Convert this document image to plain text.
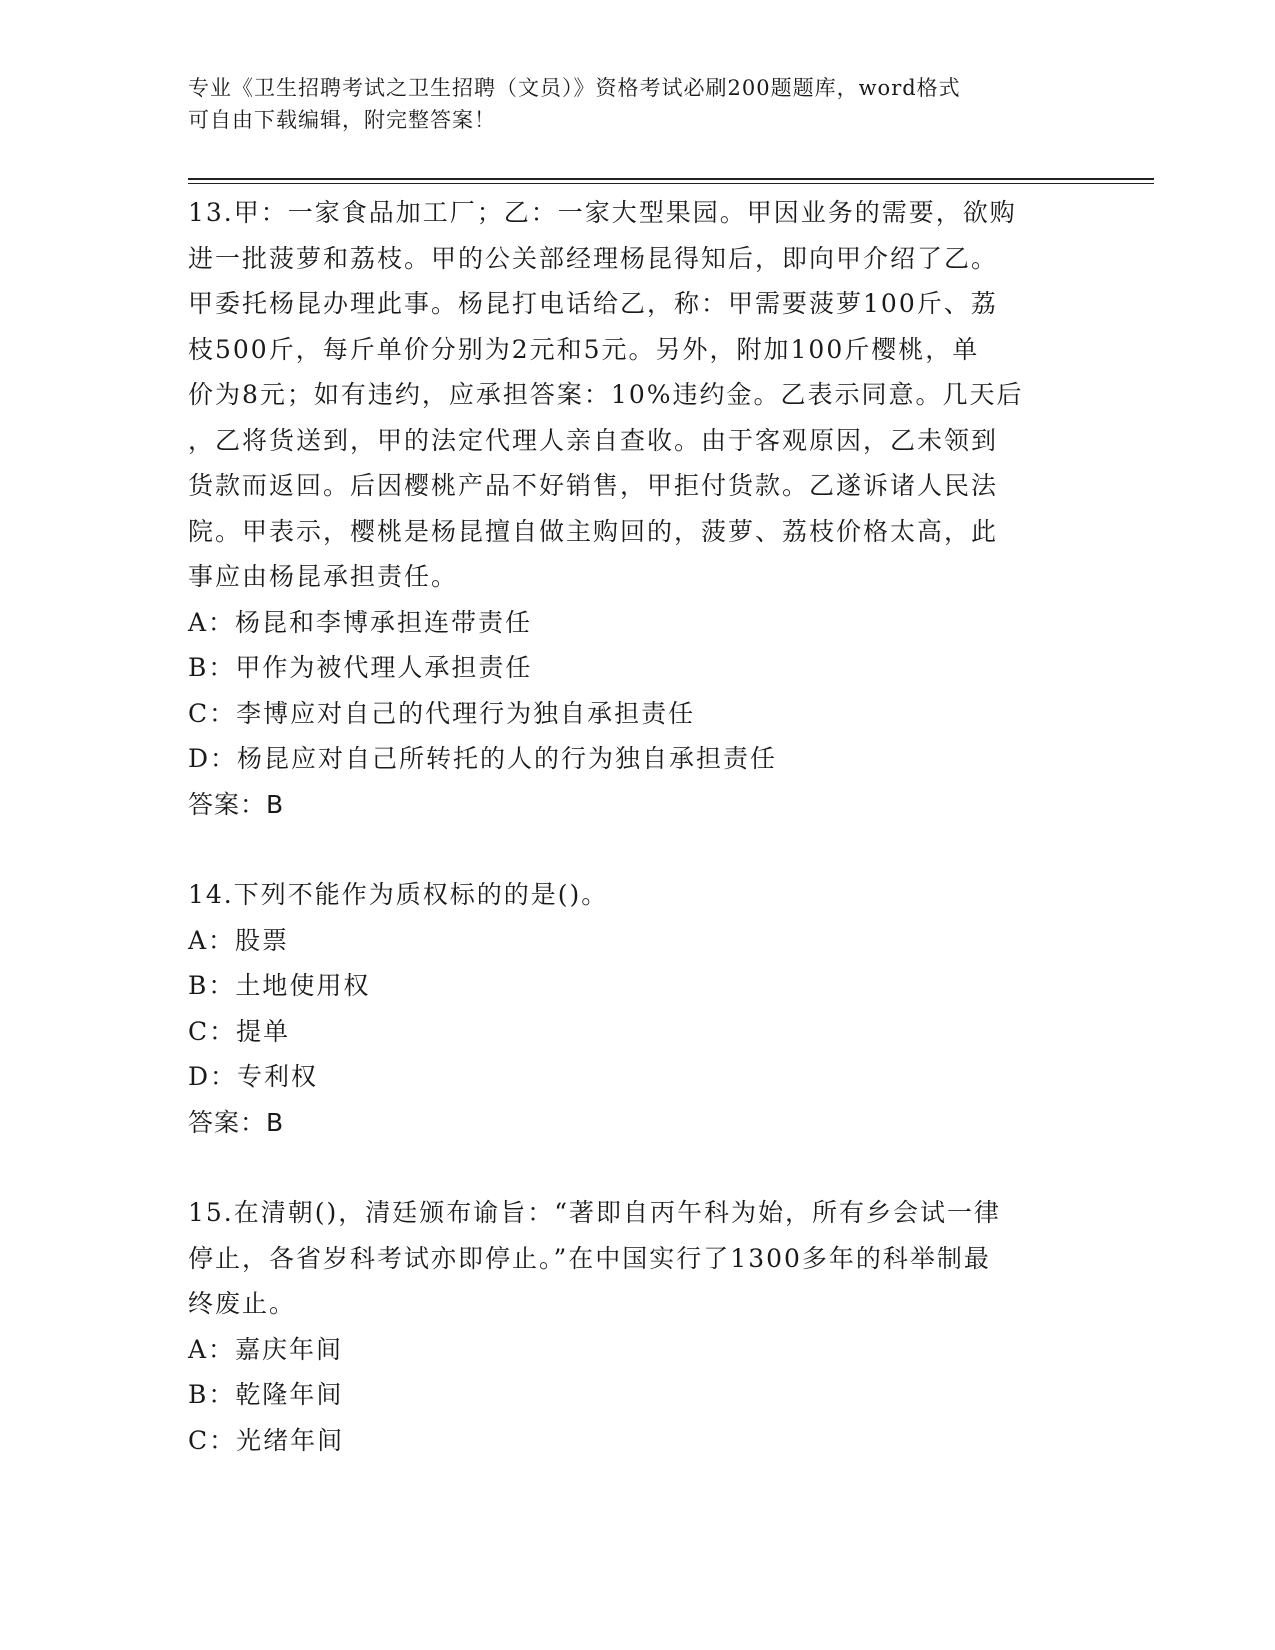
专业《卫生招聘考试之卫生招聘（文员）》资格考试必刷200题题库，word格式
可自由下载编辑，附完整答案！
13.甲：一家食品加工厂；乙：一家大型果园。甲因业务的需要，欲购
进一批菠萝和荔枝。甲的公关部经理杨昆得知后，即向甲介绍了乙。
甲委托杨昆办理此事。杨昆打电话给乙，称：甲需要菠萝100斤、荔
枝500斤，每斤单价分别为2元和5元。另外，附加100斤樱桃，单
价为8元；如有违约，应承担答案：10%违约金。乙表示同意。几天后
，乙将货送到，甲的法定代理人亲自查收。由于客观原因，乙未领到
货款而返回。后因樱桃产品不好销售，甲拒付货款。乙遂诉诸人民法
院。甲表示，樱桃是杨昆擅自做主购回的，菠萝、荔枝价格太高，此
事应由杨昆承担责任。
A：杨昆和李博承担连带责任
B：甲作为被代理人承担责任
C：李博应对自己的代理行为独自承担责任
D：杨昆应对自己所转托的人的行为独自承担责任
答案：B
14.下列不能作为质权标的的是()。
A：股票
B：土地使用权
C：提单
D：专利权
答案：B
15.在清朝()，清廷颁布谕旨：“著即自丙午科为始，所有乡会试一律
停止，各省岁科考试亦即停止。”在中国实行了1300多年的科举制最
终废止。
A：嘉庆年间
B：乾隆年间
C：光绪年间
